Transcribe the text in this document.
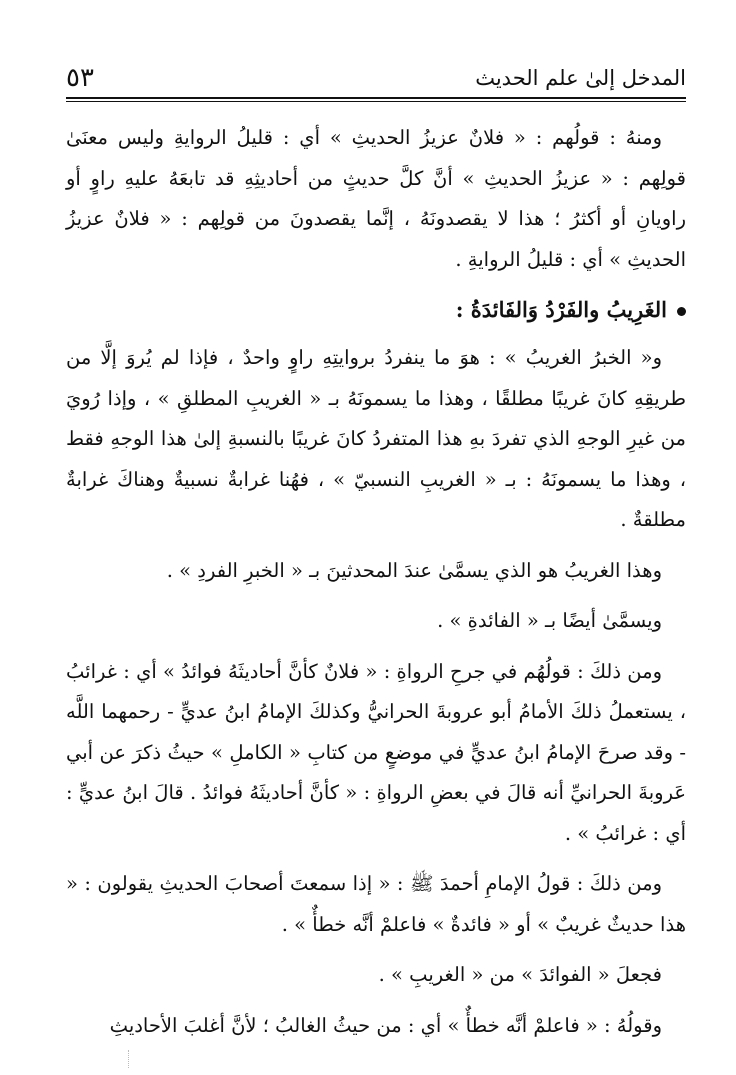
٥٣	المدخل إلىٰ علم الحديث

ومنهُ : قولُهم : « فلانٌ عزيزُ الحديثِ » أي : قليلُ الروايةِ وليس معنَىٰ قولِهم : « عزيزُ الحديثِ » أنَّ كلَّ حديثٍ من أحاديثِهِ قد تابعَهُ عليهِ راوٍ أو راويانِ أو أكثرُ ؛ هذا لا يقصدونَهُ ، إنَّما يقصدونَ من قولِهم : « فلانٌ عزيزُ الحديثِ » أي : قليلُ الروايةِ .

الغَرِيبُ والفَرْدُ وَالفَائدَةُ :

و« الخبرُ الغريبُ » : هوَ ما ينفردُ بروايتِهِ راوٍ واحدٌ ، فإذا لم يُروَ إلَّا من طريقِهِ كانَ غريبًا مطلقًا ، وهذا ما يسمونَهُ بـ « الغريبِ المطلقِ » ، وإذا رُويَ من غيرِ الوجهِ الذي تفردَ بهِ هذا المتفردُ كانَ غريبًا بالنسبةِ إلىٰ هذا الوجهِ فقط ، وهذا ما يسمونَهُ : بـ « الغريبِ النسبيّ » ، فهُنا غرابةٌ نسبيةٌ وهناكَ غرابةٌ مطلقةٌ .

وهذا الغريبُ هو الذي يسمَّىٰ عندَ المحدثينَ بـ « الخبرِ الفردِ » .

ويسمَّىٰ أيضًا بـ « الفائدةِ » .

ومن ذلكَ : قولُهُم في جرحِ الرواةِ : « فلانٌ كأنَّ أحاديثَهُ فوائدُ » أي : غرائبُ ، يستعملُ ذلكَ الأمامُ أبو عروبةَ الحرانيُّ وكذلكَ الإمامُ ابنُ عديٍّ - رحمهما اللَّه - وقد صرحَ الإمامُ ابنُ عديٍّ في موضعٍ من كتابِ « الكاملِ » حيثُ ذكرَ عن أبي عَروبةَ الحرانيِّ أنه قالَ في بعضِ الرواةِ : « كأنَّ أحاديثَهُ فوائدُ . قالَ ابنُ عديٍّ : أي : غرائبُ » .

ومن ذلكَ : قولُ الإمامِ أحمدَ ﷺ : « إذا سمعتَ أصحابَ الحديثِ يقولون : « هذا حديثٌ غريبٌ » أو « فائدةٌ » فاعلمْ أنَّه خطأٌ » .

فجعلَ « الفوائدَ » من « الغريبِ » .

وقولُهُ : « فاعلمْ أنَّه خطأٌ » أي : من حيثُ الغالبُ ؛ لأنَّ أغلبَ الأحاديثِ
